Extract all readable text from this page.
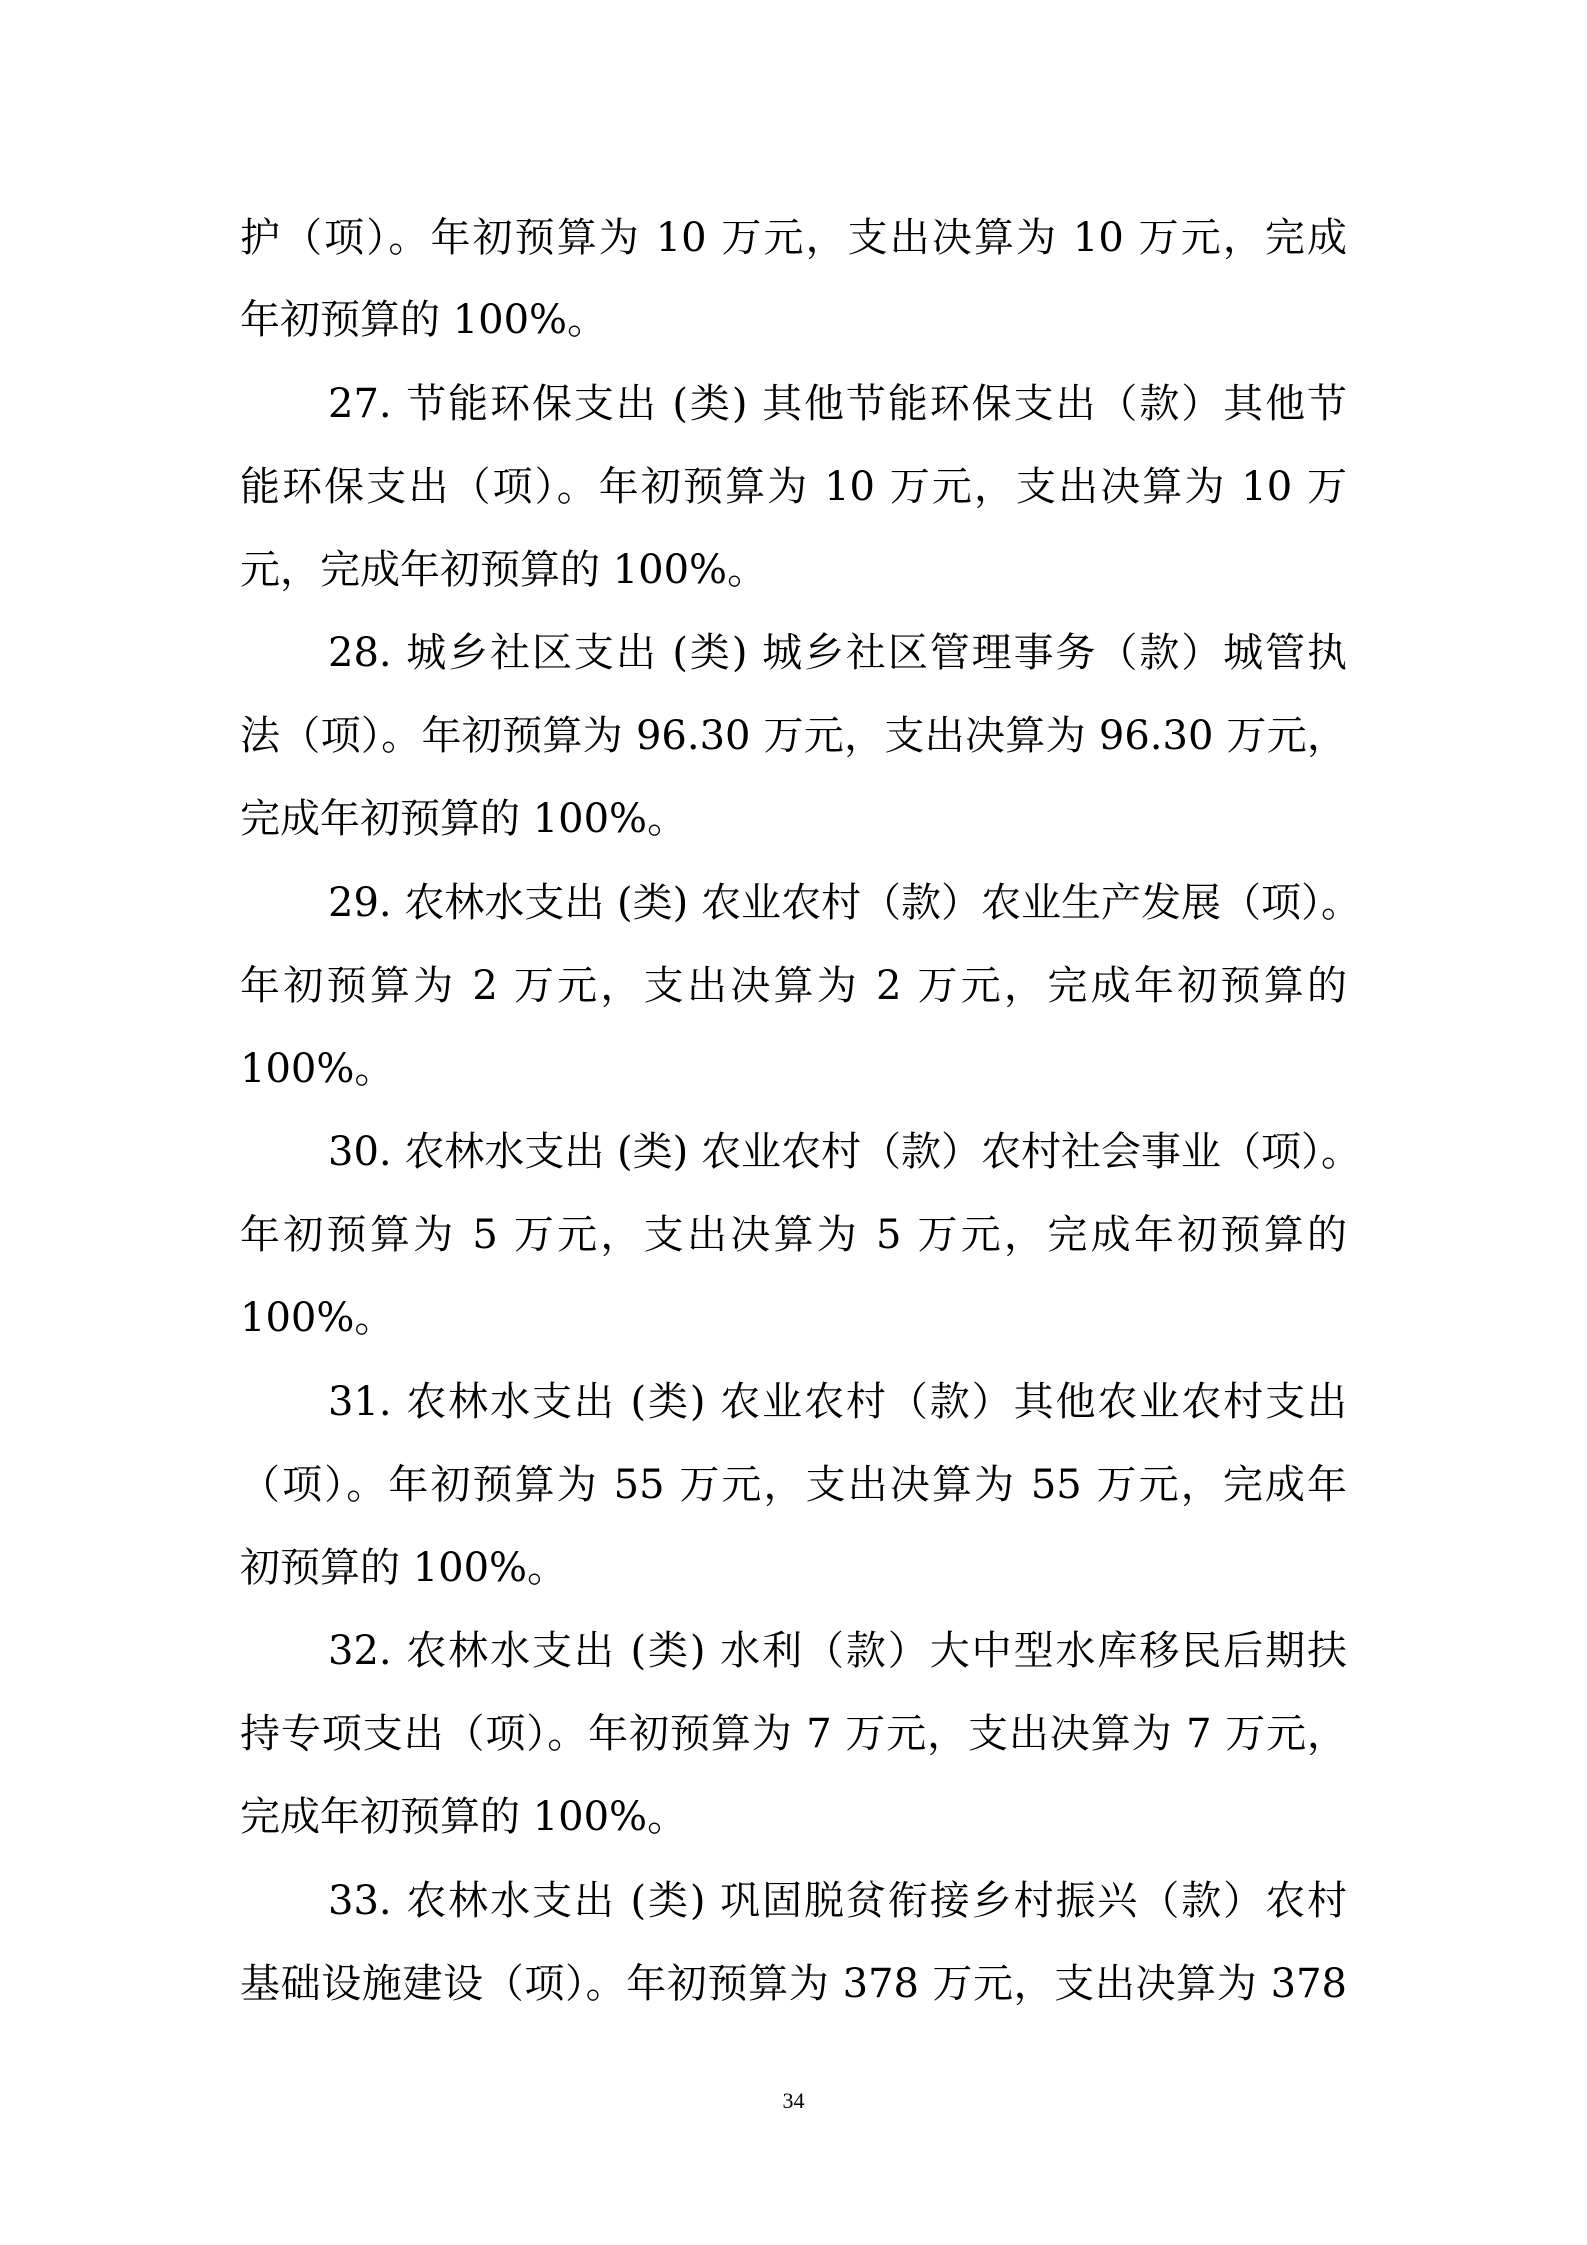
护（项）。年初预算为 10 万元，支出决算为 10 万元，完成
年初预算的 100%。
27. 节能环保支出 (类) 其他节能环保支出（款）其他节
能环保支出（项）。年初预算为 10 万元，支出决算为 10 万
元，完成年初预算的 100%。
28. 城乡社区支出 (类) 城乡社区管理事务（款）城管执
法（项）。年初预算为 96.30 万元，支出决算为 96.30 万元，
完成年初预算的 100%。
29. 农林水支出 (类) 农业农村（款）农业生产发展（项）。
年初预算为 2 万元，支出决算为 2 万元，完成年初预算的
100%。
30. 农林水支出 (类) 农业农村（款）农村社会事业（项）。
年初预算为 5 万元，支出决算为 5 万元，完成年初预算的
100%。
31. 农林水支出 (类) 农业农村（款）其他农业农村支出
（项）。年初预算为 55 万元，支出决算为 55 万元，完成年
初预算的 100%。
32. 农林水支出 (类) 水利（款）大中型水库移民后期扶
持专项支出（项）。年初预算为 7 万元，支出决算为 7 万元，
完成年初预算的 100%。
33. 农林水支出 (类) 巩固脱贫衔接乡村振兴（款）农村
基础设施建设（项）。年初预算为 378 万元，支出决算为 378
34
